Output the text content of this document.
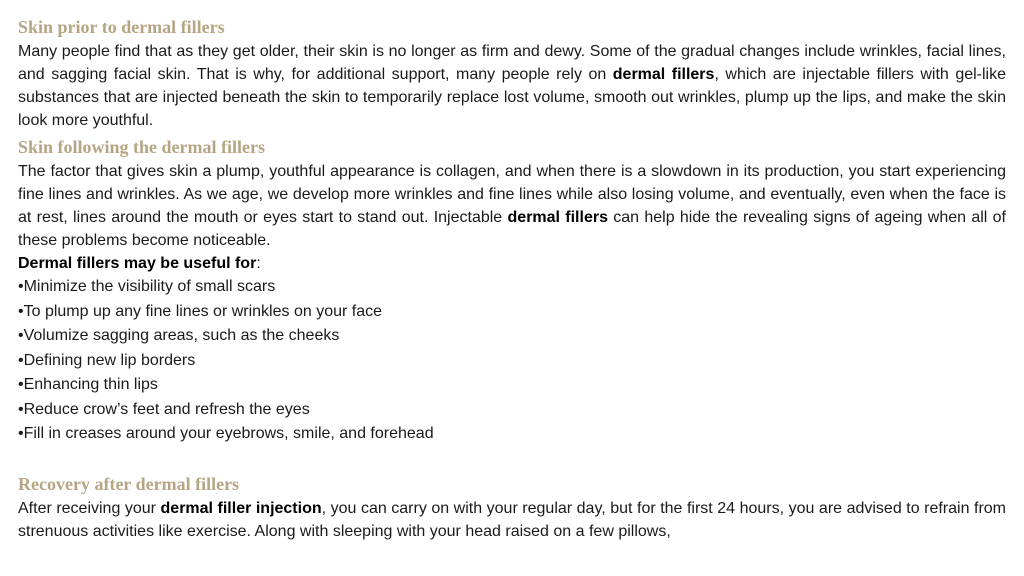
Skin prior to dermal fillers

Many people find that as they get older, their skin is no longer as firm and dewy. Some of the gradual changes include wrinkles, facial lines, and sagging facial skin. That is why, for additional support, many people rely on dermal fillers, which are injectable fillers with gel-like substances that are injected beneath the skin to temporarily replace lost volume, smooth out wrinkles, plump up the lips, and make the skin look more youthful.

Skin following the dermal fillers

The factor that gives skin a plump, youthful appearance is collagen, and when there is a slowdown in its production, you start experiencing fine lines and wrinkles. As we age, we develop more wrinkles and fine lines while also losing volume, and eventually, even when the face is at rest, lines around the mouth or eyes start to stand out. Injectable dermal fillers can help hide the revealing signs of ageing when all of these problems become noticeable.

Dermal fillers may be useful for:

•Minimize the visibility of small scars
•To plump up any fine lines or wrinkles on your face
•Volumize sagging areas, such as the cheeks
•Defining new lip borders
•Enhancing thin lips
•Reduce crow’s feet and refresh the eyes
•Fill in creases around your eyebrows, smile, and forehead
Recovery after dermal fillers

After receiving your dermal filler injection, you can carry on with your regular day, but for the first 24 hours, you are advised to refrain from strenuous activities like exercise. Along with sleeping with your head raised on a few pillows,
